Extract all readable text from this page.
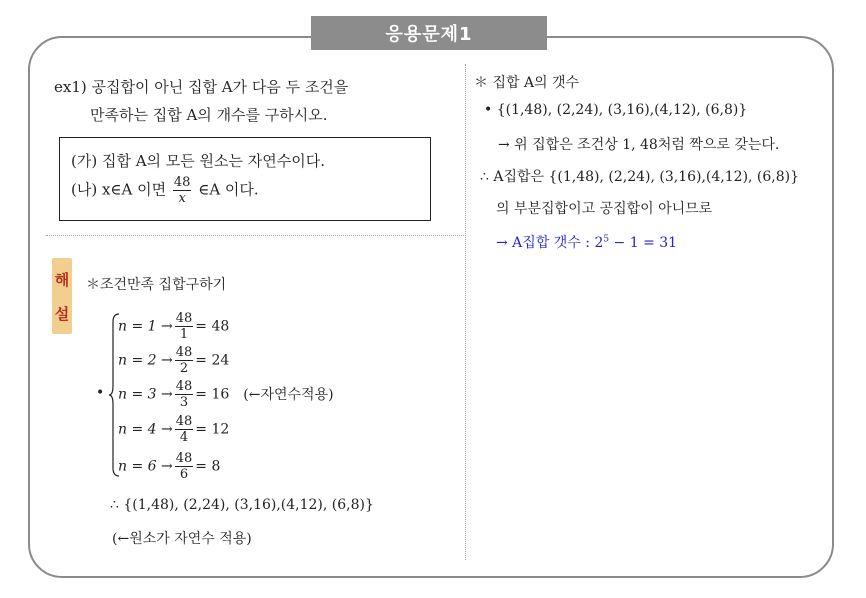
응용문제1
ex1) 공집합이 아닌 집합 A가 다음 두 조건을
만족하는 집합 A의 개수를 구하시오.
(가) 집합 A의 모든 원소는 자연수이다.
(나) x∈A 이면 $\frac{48}{x}$ ∈A 이다.
해
설
＊조건만족 집합구하기
•
$n = 1 \to \frac{48}{1} = 48$
$n = 2 \to \frac{48}{2} = 24$
$n = 3 \to \frac{48}{3} = 16$ (←자연수적용)
$n = 4 \to \frac{48}{4} = 12$
$n = 6 \to \frac{48}{6} = 8$
∴ {(1,48), (2,24), (3,16),(4,12), (6,8)}
(←원소가 자연수 적용)
＊ 집합 A의 갯수
• {(1,48), (2,24), (3,16),(4,12), (6,8)}
→ 위 집합은 조건상 1, 48처럼 짝으로 갖는다.
∴ A집합은 {(1,48), (2,24), (3,16),(4,12), (6,8)}
의 부분집합이고 공집합이 아니므로
→ A집합 갯수 : $2^5 - 1 = 31$
